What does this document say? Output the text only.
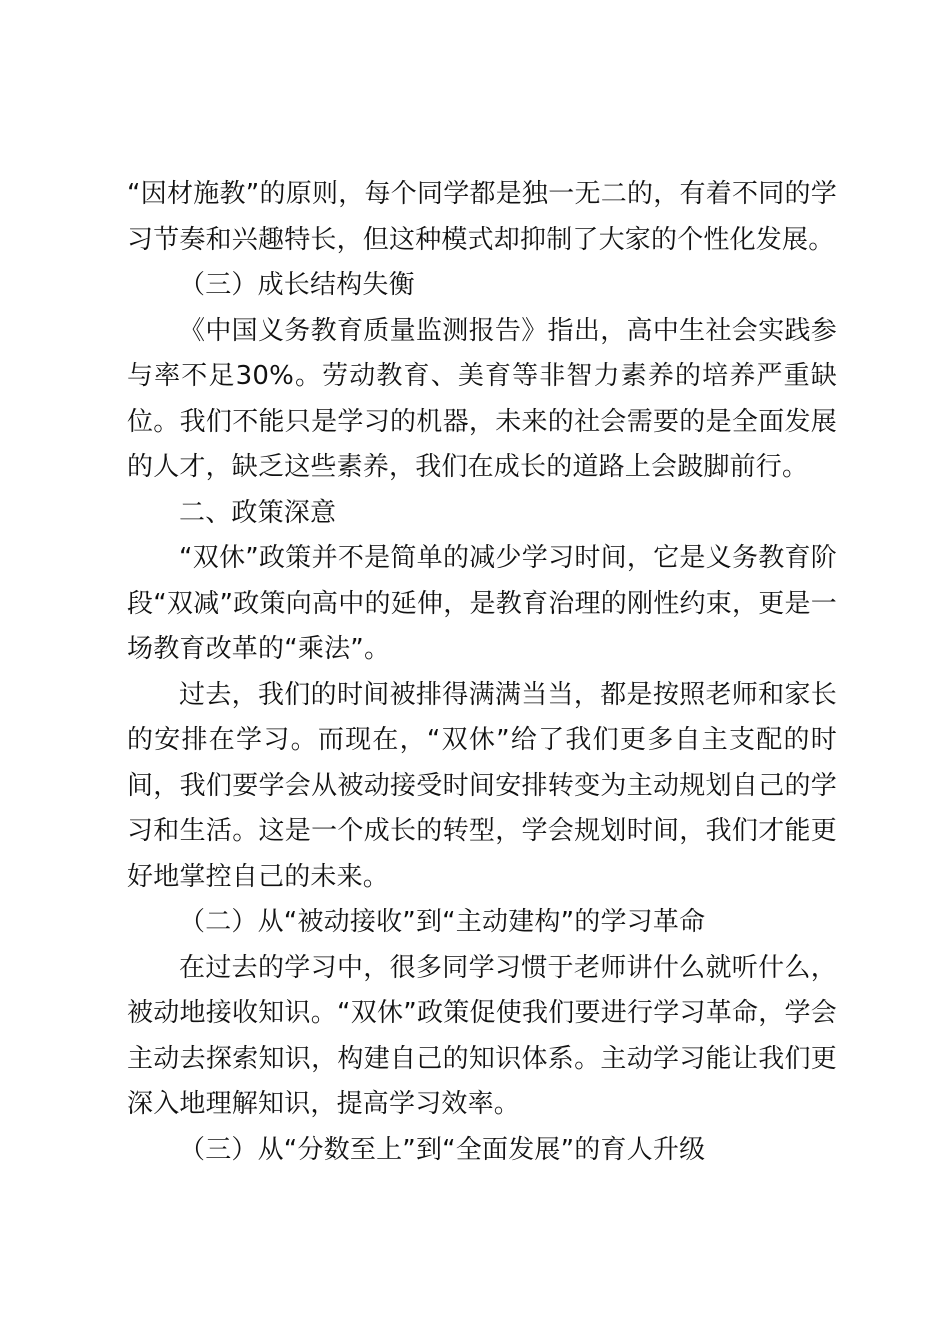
“因材施教”的原则，每个同学都是独一无二的，有着不同的学习节奏和兴趣特长，但这种模式却抑制了大家的个性化发展。

（三）成长结构失衡

《中国义务教育质量监测报告》指出，高中生社会实践参与率不足30%。劳动教育、美育等非智力素养的培养严重缺位。我们不能只是学习的机器，未来的社会需要的是全面发展的人才，缺乏这些素养，我们在成长的道路上会跛脚前行。

二、政策深意

“双休”政策并不是简单的减少学习时间，它是义务教育阶段“双减”政策向高中的延伸，是教育治理的刚性约束，更是一场教育改革的“乘法”。

过去，我们的时间被排得满满当当，都是按照老师和家长的安排在学习。而现在，“双休”给了我们更多自主支配的时间，我们要学会从被动接受时间安排转变为主动规划自己的学习和生活。这是一个成长的转型，学会规划时间，我们才能更好地掌控自己的未来。

（二）从“被动接收”到“主动建构”的学习革命

在过去的学习中，很多同学习惯于老师讲什么就听什么，被动地接收知识。“双休”政策促使我们要进行学习革命，学会主动去探索知识，构建自己的知识体系。主动学习能让我们更深入地理解知识，提高学习效率。

（三）从“分数至上”到“全面发展”的育人升级
